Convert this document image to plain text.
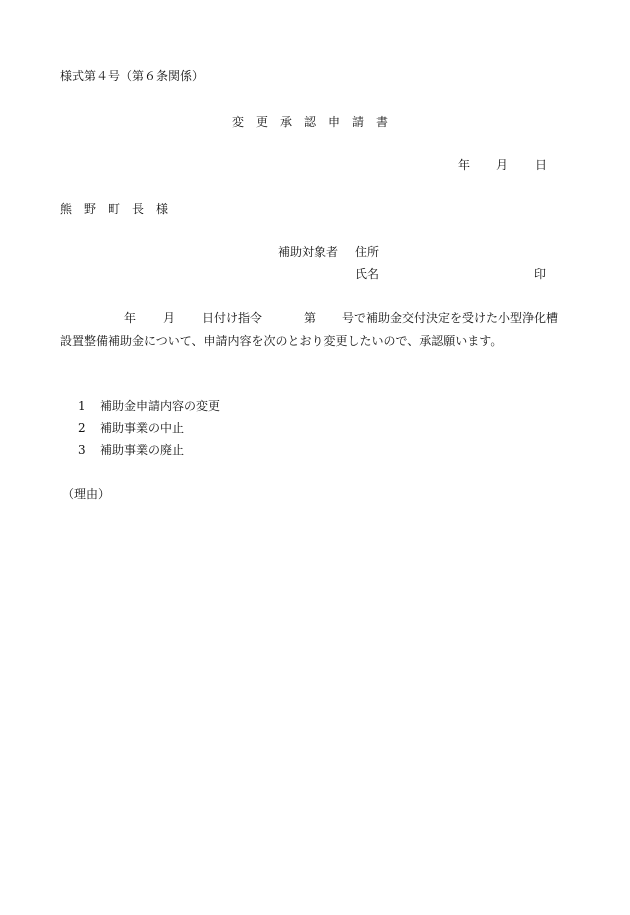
様式第４号（第６条関係）
変　更　承　認　申　請　書
年 月 日
熊　野　町　長　様
補助対象者 住所
氏名	印
年 月 日付け指令	第 号で補助金交付決定を受けた小型浄化槽
設置整備補助金について、申請内容を次のとおり変更したいので、承認願います。
1 補助金申請内容の変更
2 補助事業の中止
3 補助事業の廃止
（理由）
